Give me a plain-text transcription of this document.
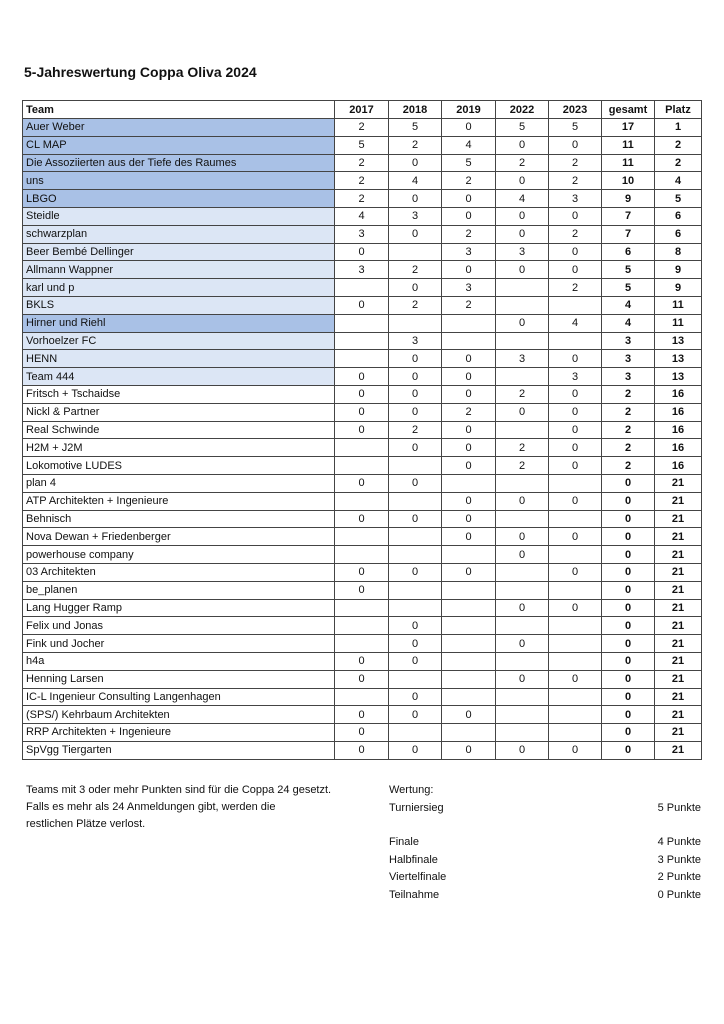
5-Jahreswertung Coppa Oliva 2024
Team	2017	2018	2019	2022	2023	gesamt	Platz
Auer Weber	2	5	0	5	5	17	1
CL MAP	5	2	4	0	0	11	2
Die Assoziierten aus der Tiefe des Raumes	2	0	5	2	2	11	2
uns	2	4	2	0	2	10	4
LBGO	2	0	0	4	3	9	5
Steidle	4	3	0	0	0	7	6
schwarzplan	3	0	2	0	2	7	6
Beer Bembé Dellinger	0		3	3	0	6	8
Allmann Wappner	3	2	0	0	0	5	9
karl und p		0	3		2	5	9
BKLS	0	2	2			4	11
Hirner und Riehl				0	4	4	11
Vorhoelzer FC		3				3	13
HENN		0	0	3	0	3	13
Team 444	0	0	0		3	3	13
Fritsch + Tschaidse	0	0	0	2	0	2	16
Nickl & Partner	0	0	2	0	0	2	16
Real Schwinde	0	2	0		0	2	16
H2M + J2M		0	0	2	0	2	16
Lokomotive LUDES			0	2	0	2	16
plan 4	0	0				0	21
ATP Architekten + Ingenieure			0	0	0	0	21
Behnisch	0	0	0			0	21
Nova Dewan + Friedenberger			0	0	0	0	21
powerhouse company				0		0	21
03 Architekten	0	0	0		0	0	21
be_planen	0					0	21
Lang Hugger Ramp				0	0	0	21
Felix und Jonas		0				0	21
Fink und Jocher		0		0		0	21
h4a	0	0				0	21
Henning Larsen	0			0	0	0	21
IC-L Ingenieur Consulting Langenhagen		0				0	21
(SPS/) Kehrbaum Architekten	0	0	0			0	21
RRP Architekten + Ingenieure	0					0	21
SpVgg Tiergarten	0	0	0	0	0	0	21
Teams mit 3 oder mehr Punkten sind für die Coppa 24 gesetzt.
Falls es mehr als 24 Anmeldungen gibt, werden die
restlichen Plätze verlost.
Wertung:
Turniersieg	5 Punkte
Finale	4 Punkte
Halbfinale	3 Punkte
Viertelfinale	2 Punkte
Teilnahme	0 Punkte
